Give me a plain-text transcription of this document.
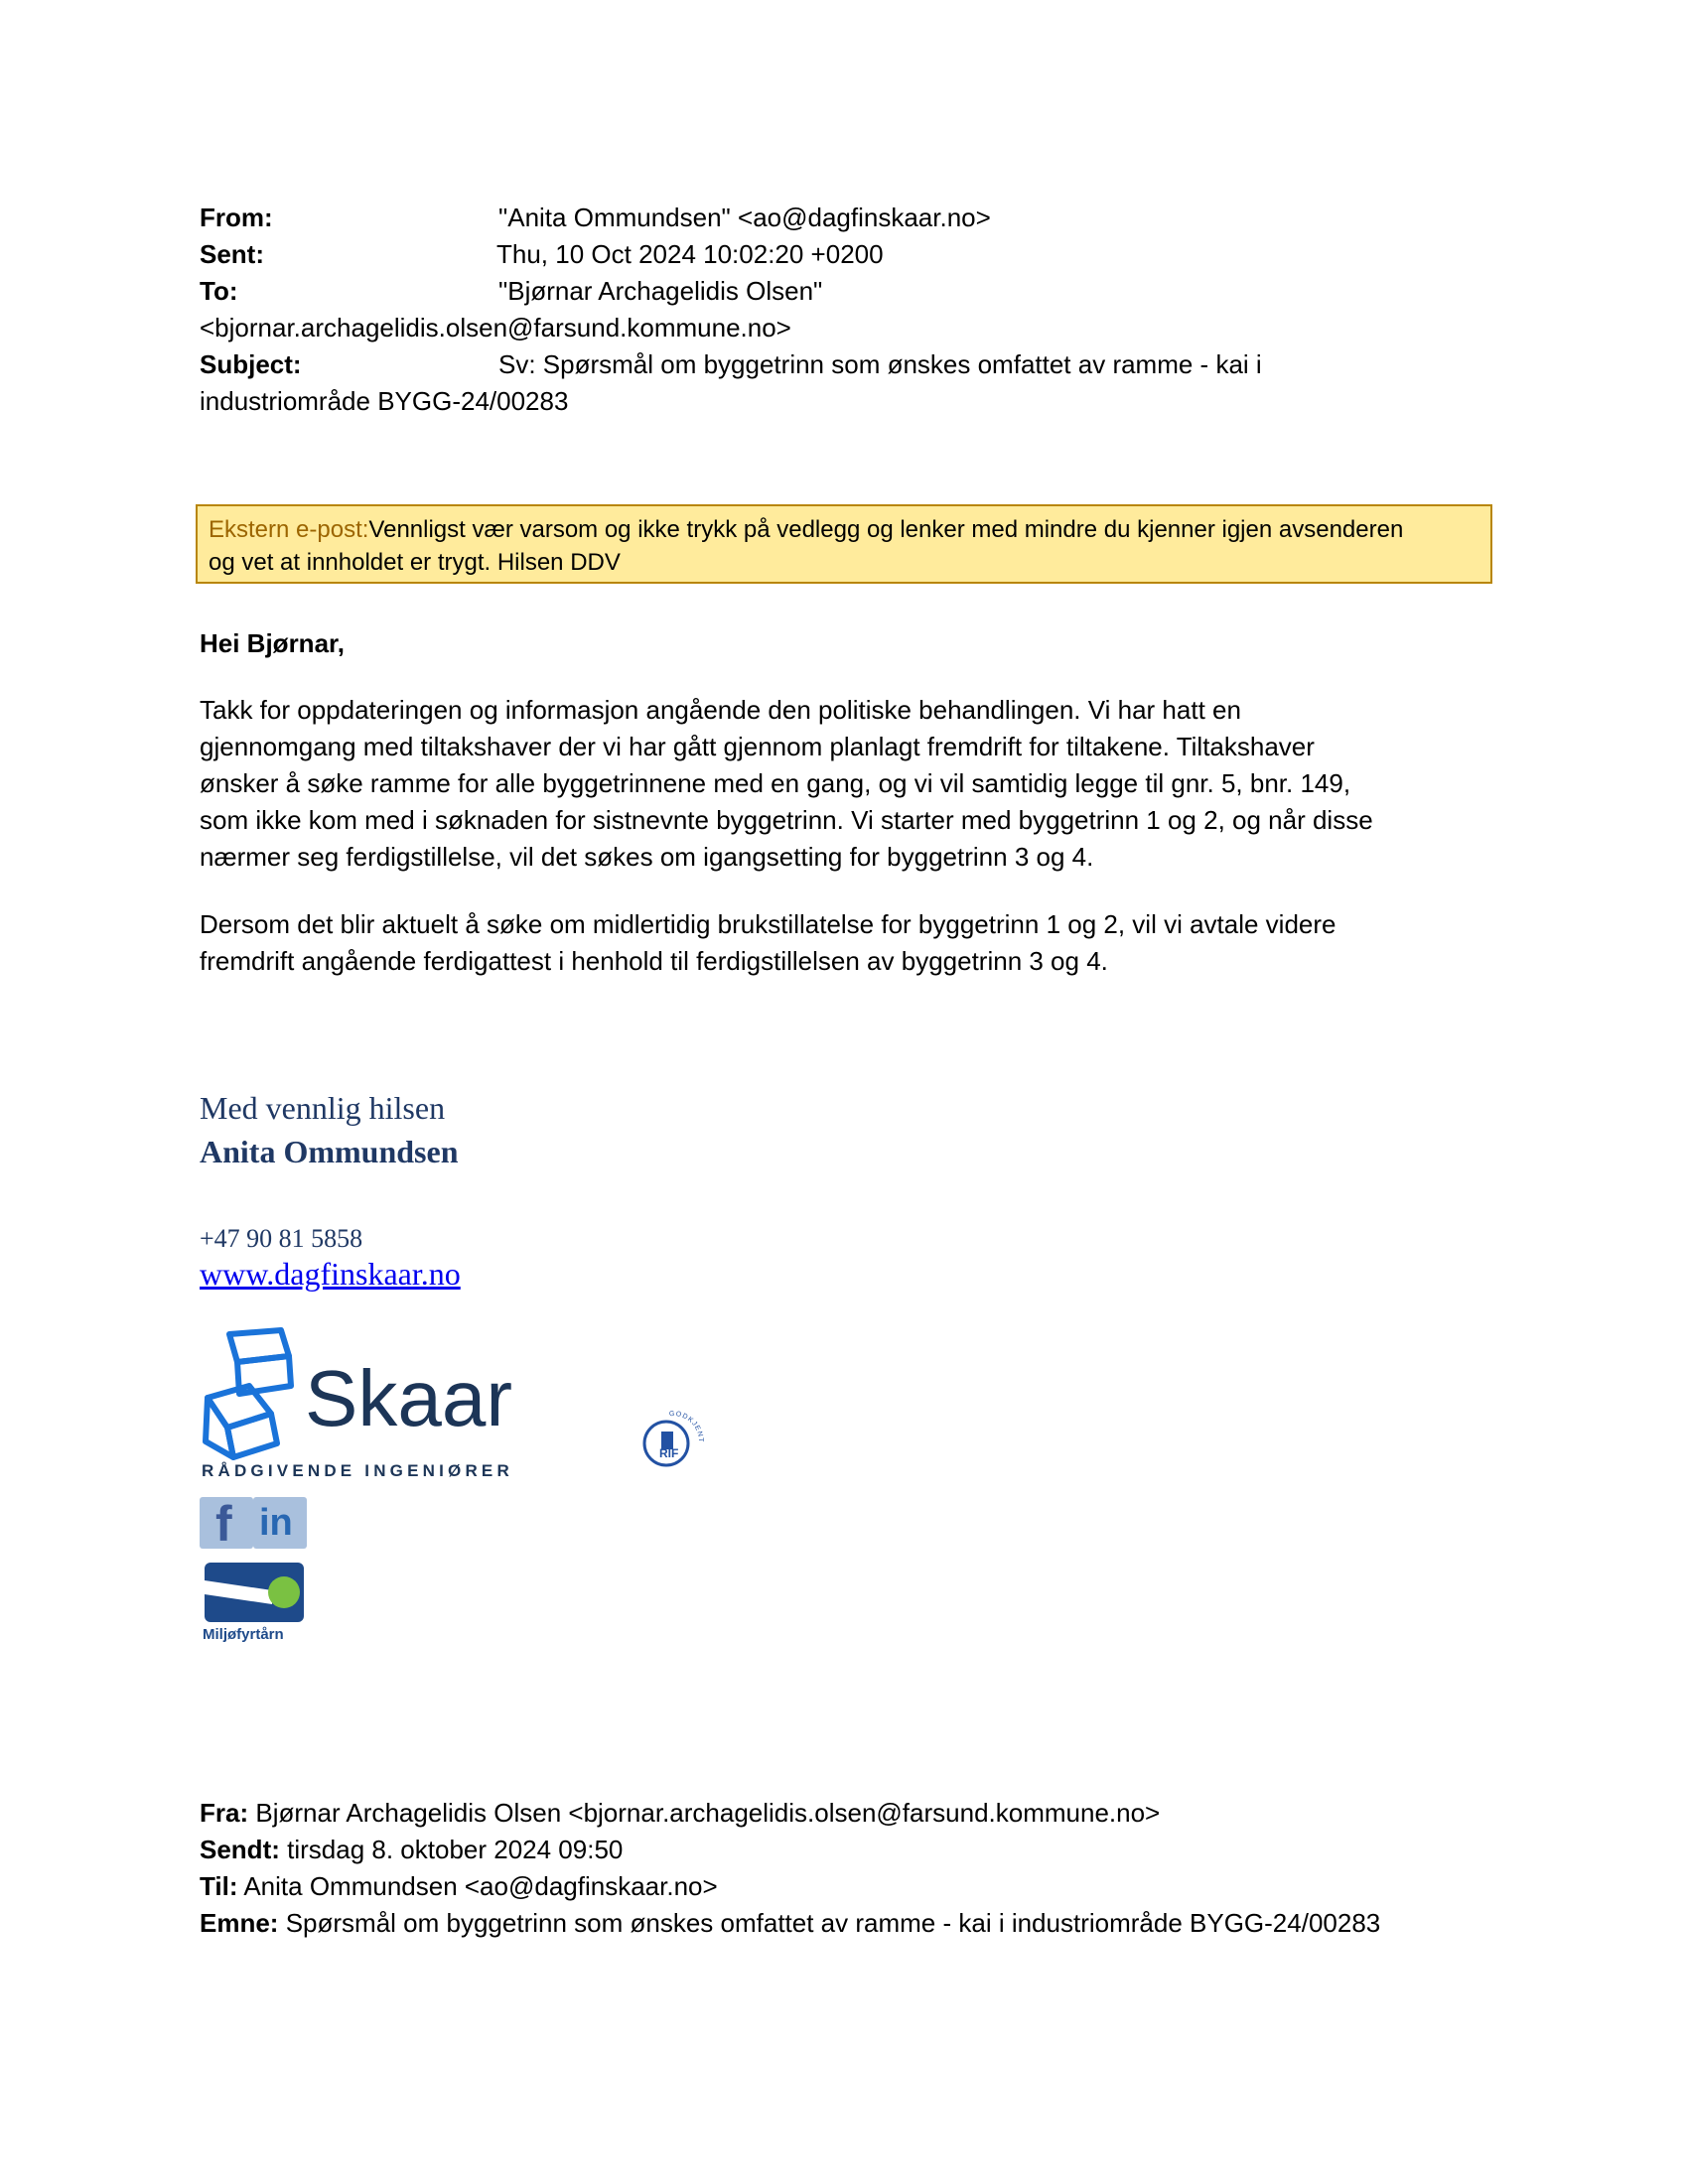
From:	"Anita Ommundsen" <ao@dagfinskaar.no>
Sent:	Thu, 10 Oct 2024 10:02:20 +0200
To:	"Bjørnar Archagelidis Olsen"
<bjornar.archagelidis.olsen@farsund.kommune.no>
Subject:	Sv: Spørsmål om byggetrinn som ønskes omfattet av ramme - kai i
industriområde BYGG-24/00283
Ekstern e-post:Vennligst vær varsom og ikke trykk på vedlegg og lenker med mindre du kjenner igjen avsenderen
og vet at innholdet er trygt. Hilsen DDV
Hei Bjørnar,
Takk for oppdateringen og informasjon angående den politiske behandlingen. Vi har hatt en
gjennomgang med tiltakshaver der vi har gått gjennom planlagt fremdrift for tiltakene. Tiltakshaver
ønsker å søke ramme for alle byggetrinnene med en gang, og vi vil samtidig legge til gnr. 5, bnr. 149,
som ikke kom med i søknaden for sistnevnte byggetrinn. Vi starter med byggetrinn 1 og 2, og når disse
nærmer seg ferdigstillelse, vil det søkes om igangsetting for byggetrinn 3 og 4.
Dersom det blir aktuelt å søke om midlertidig brukstillatelse for byggetrinn 1 og 2, vil vi avtale videre
fremdrift angående ferdigattest i henhold til ferdigstillelsen av byggetrinn 3 og 4.
Med vennlig hilsen
Anita Ommundsen
+47 90 81 5858
www.dagfinskaar.no
Skaar
RÅDGIVENDE INGENIØRER
RIF
GODKJENT
f in
Miljøfyrtårn
Fra: Bjørnar Archagelidis Olsen <bjornar.archagelidis.olsen@farsund.kommune.no>
Sendt: tirsdag 8. oktober 2024 09:50
Til: Anita Ommundsen <ao@dagfinskaar.no>
Emne: Spørsmål om byggetrinn som ønskes omfattet av ramme - kai i industriområde BYGG-24/00283
